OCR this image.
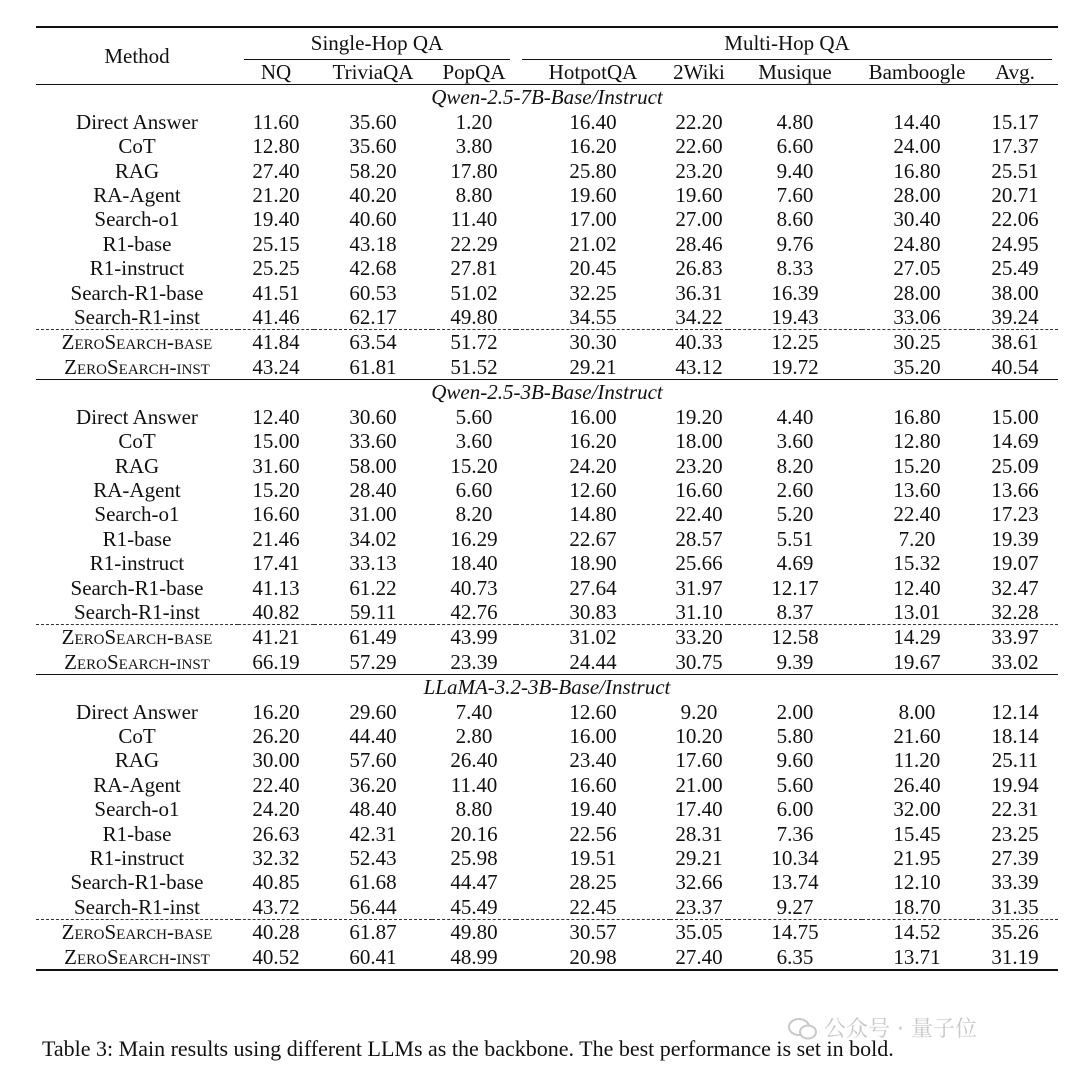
Method	Single-Hop QA			Multi-Hop QA				

	NQ	TriviaQA	PopQA	HotpotQA	2Wiki	Musique	Bamboogle	Avg.
Qwen-2.5-7B-Base/Instruct								
Direct Answer	11.60	35.60	1.20	16.40	22.20	4.80	14.40	15.17
CoT	12.80	35.60	3.80	16.20	22.60	6.60	24.00	17.37
RAG	27.40	58.20	17.80	25.80	23.20	9.40	16.80	25.51
RA-Agent	21.20	40.20	8.80	19.60	19.60	7.60	28.00	20.71
Search-o1	19.40	40.60	11.40	17.00	27.00	8.60	30.40	22.06
R1-base	25.15	43.18	22.29	21.02	28.46	9.76	24.80	24.95
R1-instruct	25.25	42.68	27.81	20.45	26.83	8.33	27.05	25.49
Search-R1-base	41.51	60.53	51.02	32.25	36.31	16.39	28.00	38.00
Search-R1-inst	41.46	62.17	49.80	34.55	34.22	19.43	33.06	39.24
ZeroSearch-base	41.84	63.54	51.72	30.30	40.33	12.25	30.25	38.61
ZeroSearch-inst	43.24	61.81	51.52	29.21	43.12	19.72	35.20	40.54
Qwen-2.5-3B-Base/Instruct								
Direct Answer	12.40	30.60	5.60	16.00	19.20	4.40	16.80	15.00
CoT	15.00	33.60	3.60	16.20	18.00	3.60	12.80	14.69
RAG	31.60	58.00	15.20	24.20	23.20	8.20	15.20	25.09
RA-Agent	15.20	28.40	6.60	12.60	16.60	2.60	13.60	13.66
Search-o1	16.60	31.00	8.20	14.80	22.40	5.20	22.40	17.23
R1-base	21.46	34.02	16.29	22.67	28.57	5.51	7.20	19.39
R1-instruct	17.41	33.13	18.40	18.90	25.66	4.69	15.32	19.07
Search-R1-base	41.13	61.22	40.73	27.64	31.97	12.17	12.40	32.47
Search-R1-inst	40.82	59.11	42.76	30.83	31.10	8.37	13.01	32.28
ZeroSearch-base	41.21	61.49	43.99	31.02	33.20	12.58	14.29	33.97
ZeroSearch-inst	66.19	57.29	23.39	24.44	30.75	9.39	19.67	33.02
LLaMA-3.2-3B-Base/Instruct								
Direct Answer	16.20	29.60	7.40	12.60	9.20	2.00	8.00	12.14
CoT	26.20	44.40	2.80	16.00	10.20	5.80	21.60	18.14
RAG	30.00	57.60	26.40	23.40	17.60	9.60	11.20	25.11
RA-Agent	22.40	36.20	11.40	16.60	21.00	5.60	26.40	19.94
Search-o1	24.20	48.40	8.80	19.40	17.40	6.00	32.00	22.31
R1-base	26.63	42.31	20.16	22.56	28.31	7.36	15.45	23.25
R1-instruct	32.32	52.43	25.98	19.51	29.21	10.34	21.95	27.39
Search-R1-base	40.85	61.68	44.47	28.25	32.66	13.74	12.10	33.39
Search-R1-inst	43.72	56.44	45.49	22.45	23.37	9.27	18.70	31.35
ZeroSearch-base	40.28	61.87	49.80	30.57	35.05	14.75	14.52	35.26
ZeroSearch-inst	40.52	60.41	48.99	20.98	27.40	6.35	13.71	31.19
公众号 · 量子位
Table 3: Main results using different LLMs as the backbone. The best performance is set in bold.
